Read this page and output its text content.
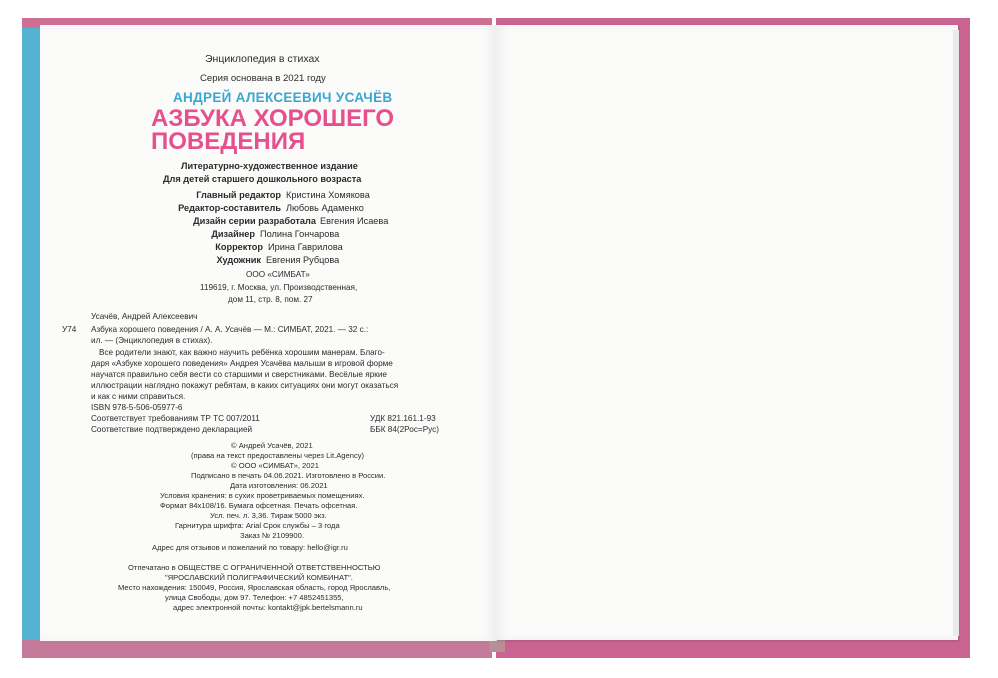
Энциклопедия в стихах
Серия основана в 2021 году
АНДРЕЙ АЛЕКСЕЕВИЧ УСАЧЁВ
АЗБУКА ХОРОШЕГО
ПОВЕДЕНИЯ
Литературно-художественное издание
Для детей старшего дошкольного возраста
Главный редактор Кристина Хомякова
Редактор-составитель Любовь Адаменко
Дизайн серии разработала Евгения Исаева
Дизайнер Полина Гончарова
Корректор Ирина Гаврилова
Художник Евгения Рубцова
ООО «СИМБАТ»
119619, г. Москва, ул. Производственная,
дом 11, стр. 8, пом. 27
Усачёв, Андрей Алексеевич
У74 Азбука хорошего поведения / А. А. Усачёв — М.: СИМБАТ, 2021. — 32 с.:
ил. — (Энциклопедия в стихах).
Все родители знают, как важно научить ребёнка хорошим манерам. Благо-
даря «Азбуке хорошего поведения» Андрея Усачёва малыши в игровой форме
научатся правильно себя вести со старшими и сверстниками. Весёлые яркие
иллюстрации наглядно покажут ребятам, в каких ситуациях они могут оказаться
и как с ними справиться.
ISBN 978-5-506-05977-6
Соответствует требованиям ТР ТС 007/2011
Соответствие подтверждено декларацией
УДК 821.161.1-93
ББК 84(2Рос=Рус)
© Андрей Усачёв, 2021
(права на текст предоставлены через Lit.Agency)
© ООО «СИМБАТ», 2021
Подписано в печать 04.06.2021. Изготовлено в России.
Дата изготовления: 06.2021
Условия хранения: в сухих проветриваемых помещениях.
Формат 84х108/16. Бумага офсетная. Печать офсетная.
Усл. печ. л. 3,36. Тираж 5000 экз.
Гарнитура шрифта: Arial Срок службы – 3 года
Заказ № 2109900.
Адрес для отзывов и пожеланий по товару: hello@igr.ru
Отпечатано в ОБЩЕСТВЕ С ОГРАНИЧЕННОЙ ОТВЕТСТВЕННОСТЬЮ
"ЯРОСЛАВСКИЙ ПОЛИГРАФИЧЕСКИЙ КОМБИНАТ".
Место нахождения: 150049, Россия, Ярославская область, город Ярославль,
улица Свободы, дом 97. Телефон: +7 4852451355,
адрес электронной почты: kontakt@jpk.bertelsmann.ru
